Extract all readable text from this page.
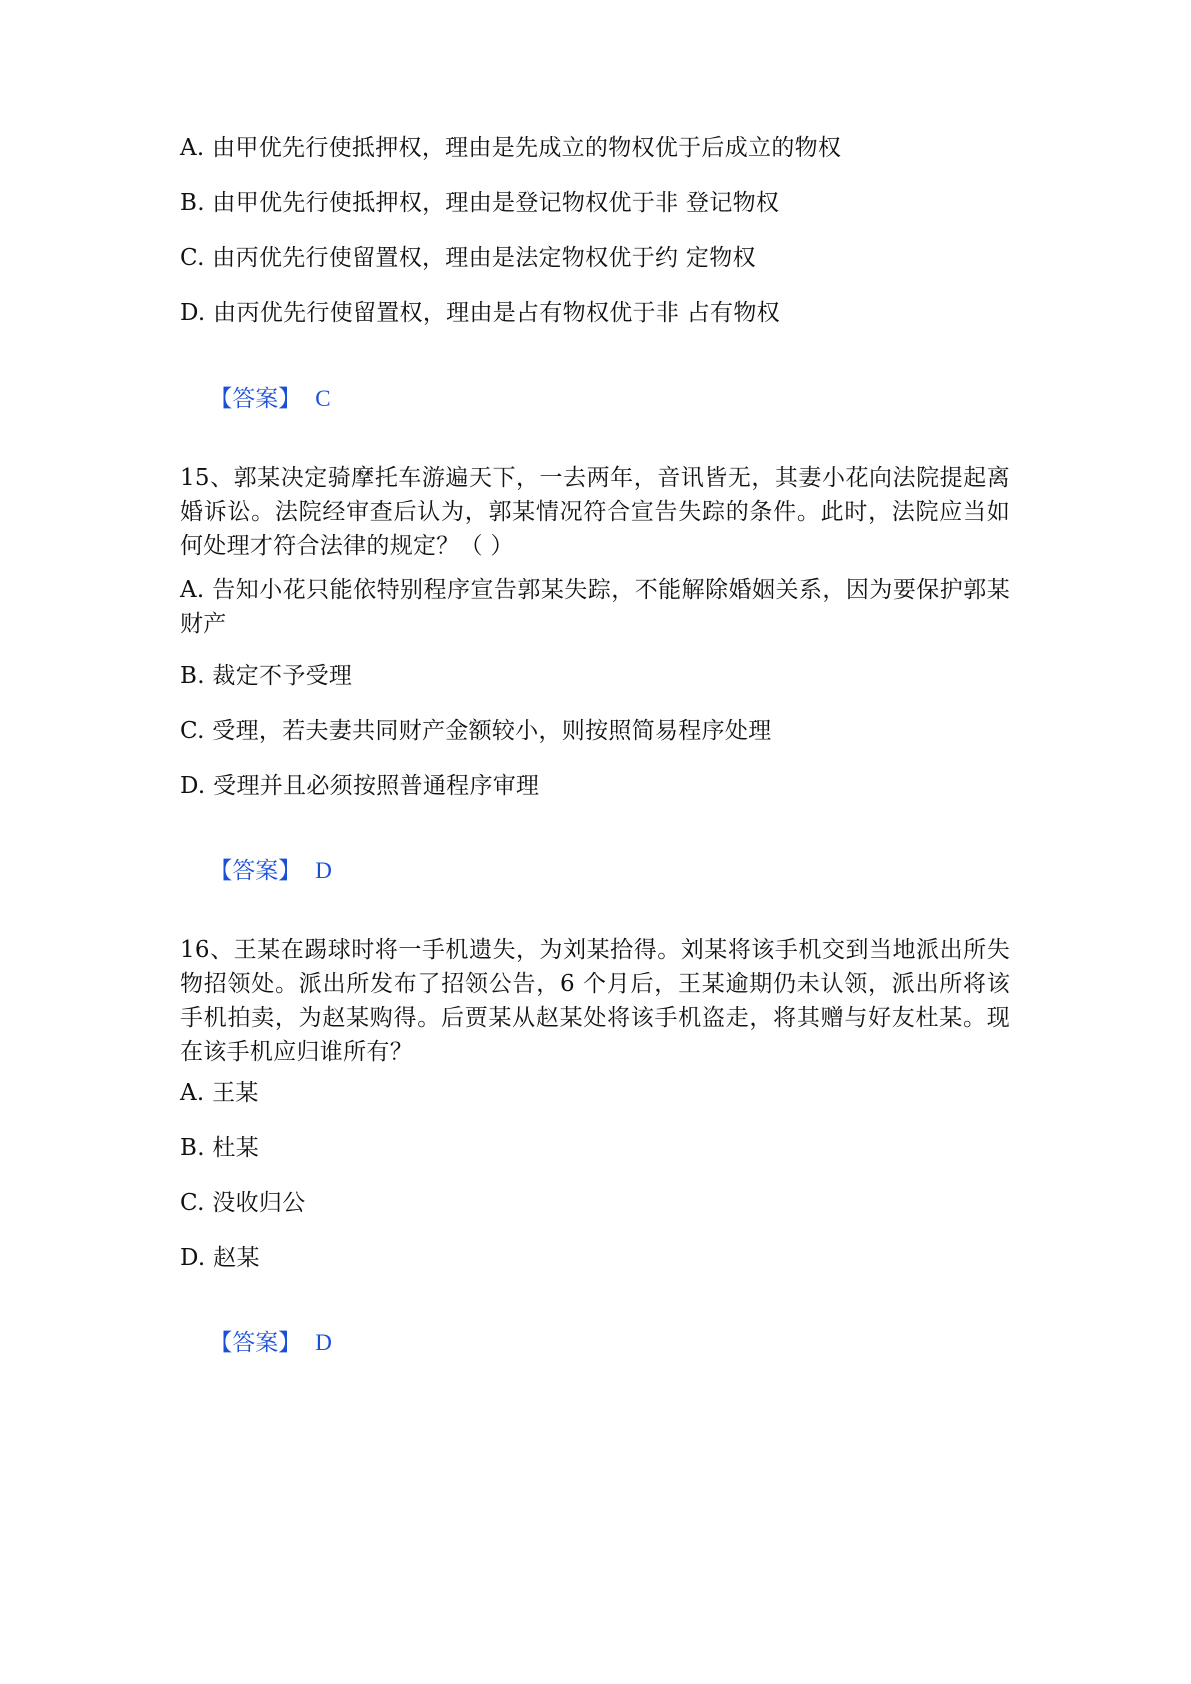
A. 由甲优先行使抵押权，理由是先成立的物权优于后成立的物权
B. 由甲优先行使抵押权，理由是登记物权优于非 登记物权
C. 由丙优先行使留置权，理由是法定物权优于约 定物权
D. 由丙优先行使留置权，理由是占有物权优于非 占有物权

【答案】 C

15、郭某决定骑摩托车游遍天下，一去两年，音讯皆无，其妻小花向法院提起离婚诉讼。法院经审查后认为，郭某情况符合宣告失踪的条件。此时，法院应当如何处理才符合法律的规定？（ ）
A. 告知小花只能依特别程序宣告郭某失踪，不能解除婚姻关系，因为要保护郭某财产
B. 裁定不予受理
C. 受理，若夫妻共同财产金额较小，则按照简易程序处理
D. 受理并且必须按照普通程序审理

【答案】 D

16、王某在踢球时将一手机遗失，为刘某拾得。刘某将该手机交到当地派出所失物招领处。派出所发布了招领公告，6 个月后，王某逾期仍未认领，派出所将该手机拍卖，为赵某购得。后贾某从赵某处将该手机盗走，将其赠与好友杜某。现在该手机应归谁所有？
A. 王某
B. 杜某
C. 没收归公
D. 赵某

【答案】 D
